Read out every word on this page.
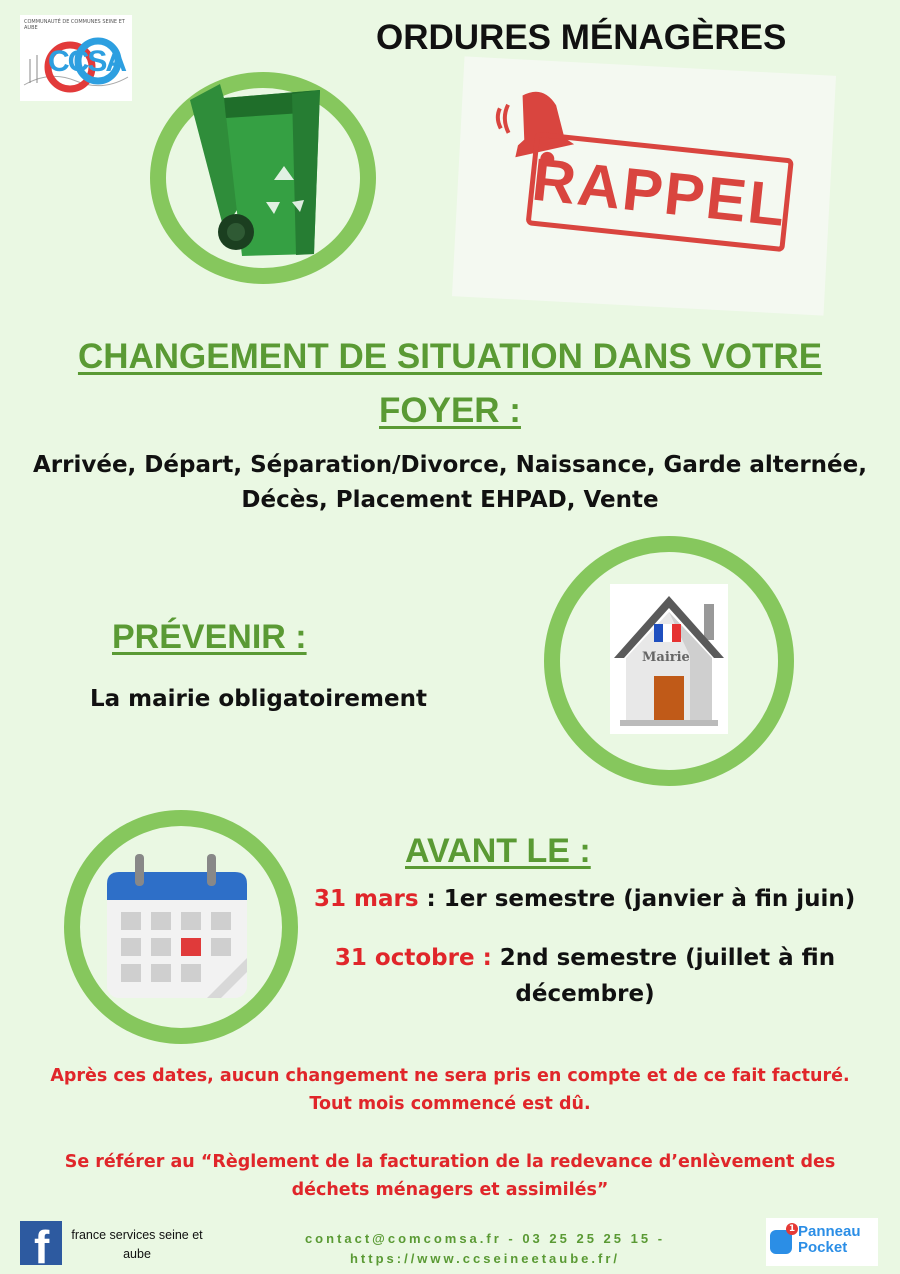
CCSA
COMMUNAUTÉ DE COMMUNES SEINE ET AUBE	ORDURES MÉNAGÈRES
RAPPEL
CHANGEMENT DE SITUATION DANS VOTRE
FOYER :
Arrivée, Départ, Séparation/Divorce, Naissance, Garde alternée,
Décès, Placement EHPAD, Vente
PRÉVENIR :
La mairie obligatoirement
Mairie
AVANT LE :
31 mars : 1er semestre (janvier à fin juin)
31 octobre : 2nd semestre (juillet à fin
décembre)
Après ces dates, aucun changement ne sera pris en compte et de ce fait facturé.
Tout mois commencé est dû.
Se référer au “Règlement de la facturation de la redevance d’enlèvement des
déchets ménagers et assimilés”
f	france services seine et aube
contact@comcomsa.fr - 03 25 25 25 15 -
https://www.ccseineetaube.fr/
1 Panneau
Pocket
